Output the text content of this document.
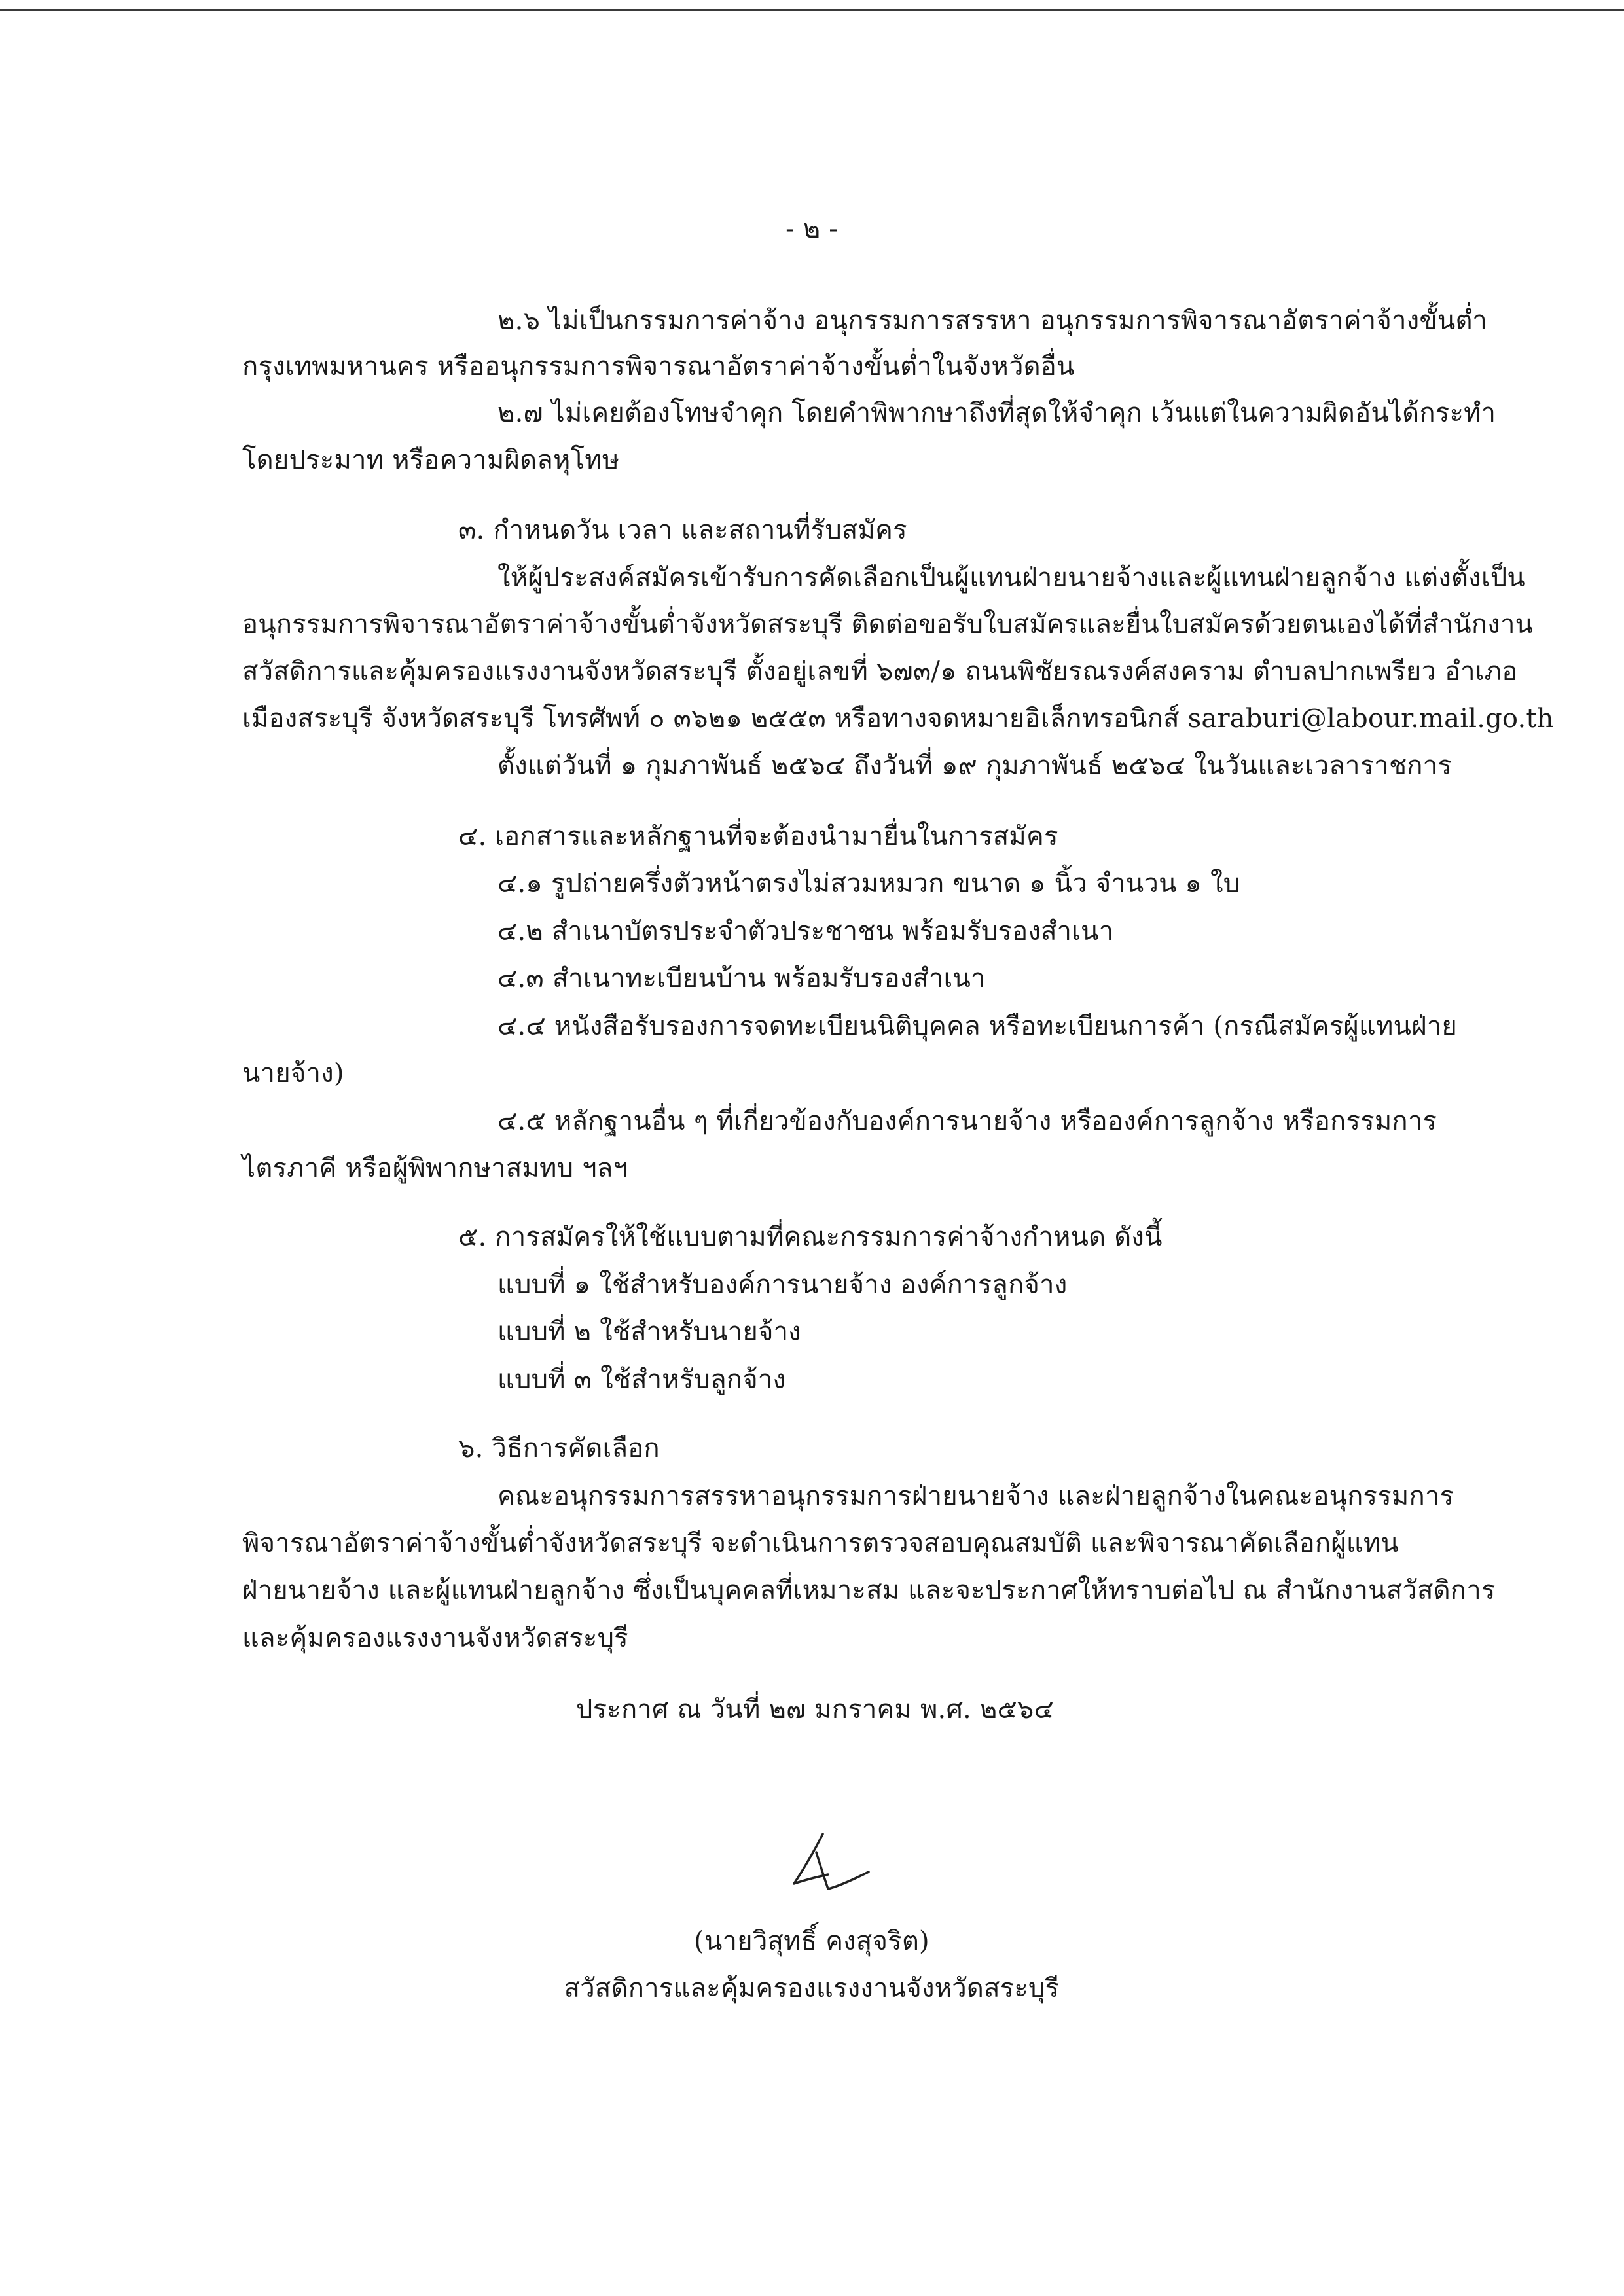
- ๒ -
๒.๖ ไม่เป็นกรรมการค่าจ้าง อนุกรรมการสรรหา อนุกรรมการพิจารณาอัตราค่าจ้างขั้นต่ำ
กรุงเทพมหานคร หรืออนุกรรมการพิจารณาอัตราค่าจ้างขั้นต่ำในจังหวัดอื่น
๒.๗ ไม่เคยต้องโทษจำคุก โดยคำพิพากษาถึงที่สุดให้จำคุก เว้นแต่ในความผิดอันได้กระทำ
โดยประมาท หรือความผิดลหุโทษ
๓. กำหนดวัน เวลา และสถานที่รับสมัคร
ให้ผู้ประสงค์สมัครเข้ารับการคัดเลือกเป็นผู้แทนฝ่ายนายจ้างและผู้แทนฝ่ายลูกจ้าง แต่งตั้งเป็น
อนุกรรมการพิจารณาอัตราค่าจ้างขั้นต่ำจังหวัดสระบุรี ติดต่อขอรับใบสมัครและยื่นใบสมัครด้วยตนเองได้ที่สำนักงาน
สวัสดิการและคุ้มครองแรงงานจังหวัดสระบุรี ตั้งอยู่เลขที่ ๖๗๓/๑ ถนนพิชัยรณรงค์สงคราม ตำบลปากเพรียว อำเภอ
เมืองสระบุรี จังหวัดสระบุรี โทรศัพท์ ๐ ๓๖๒๑ ๒๕๕๓ หรือทางจดหมายอิเล็กทรอนิกส์ saraburi@labour.mail.go.th
ตั้งแต่วันที่ ๑ กุมภาพันธ์ ๒๕๖๔ ถึงวันที่ ๑๙ กุมภาพันธ์ ๒๕๖๔ ในวันและเวลาราชการ
๔. เอกสารและหลักฐานที่จะต้องนำมายื่นในการสมัคร
๔.๑ รูปถ่ายครึ่งตัวหน้าตรงไม่สวมหมวก ขนาด ๑ นิ้ว จำนวน ๑ ใบ
๔.๒ สำเนาบัตรประจำตัวประชาชน พร้อมรับรองสำเนา
๔.๓ สำเนาทะเบียนบ้าน พร้อมรับรองสำเนา
๔.๔ หนังสือรับรองการจดทะเบียนนิติบุคคล หรือทะเบียนการค้า (กรณีสมัครผู้แทนฝ่าย
นายจ้าง)
๔.๕ หลักฐานอื่น ๆ ที่เกี่ยวข้องกับองค์การนายจ้าง หรือองค์การลูกจ้าง หรือกรรมการ
ไตรภาคี หรือผู้พิพากษาสมทบ ฯลฯ
๕. การสมัครให้ใช้แบบตามที่คณะกรรมการค่าจ้างกำหนด ดังนี้
แบบที่ ๑ ใช้สำหรับองค์การนายจ้าง องค์การลูกจ้าง
แบบที่ ๒ ใช้สำหรับนายจ้าง
แบบที่ ๓ ใช้สำหรับลูกจ้าง
๖. วิธีการคัดเลือก
คณะอนุกรรมการสรรหาอนุกรรมการฝ่ายนายจ้าง และฝ่ายลูกจ้างในคณะอนุกรรมการ
พิจารณาอัตราค่าจ้างขั้นต่ำจังหวัดสระบุรี จะดำเนินการตรวจสอบคุณสมบัติ และพิจารณาคัดเลือกผู้แทน
ฝ่ายนายจ้าง และผู้แทนฝ่ายลูกจ้าง ซึ่งเป็นบุคคลที่เหมาะสม และจะประกาศให้ทราบต่อไป ณ สำนักงานสวัสดิการ
และคุ้มครองแรงงานจังหวัดสระบุรี
ประกาศ ณ วันที่ ๒๗ มกราคม พ.ศ. ๒๕๖๔
(นายวิสุทธิ์ คงสุจริต)
สวัสดิการและคุ้มครองแรงงานจังหวัดสระบุรี
